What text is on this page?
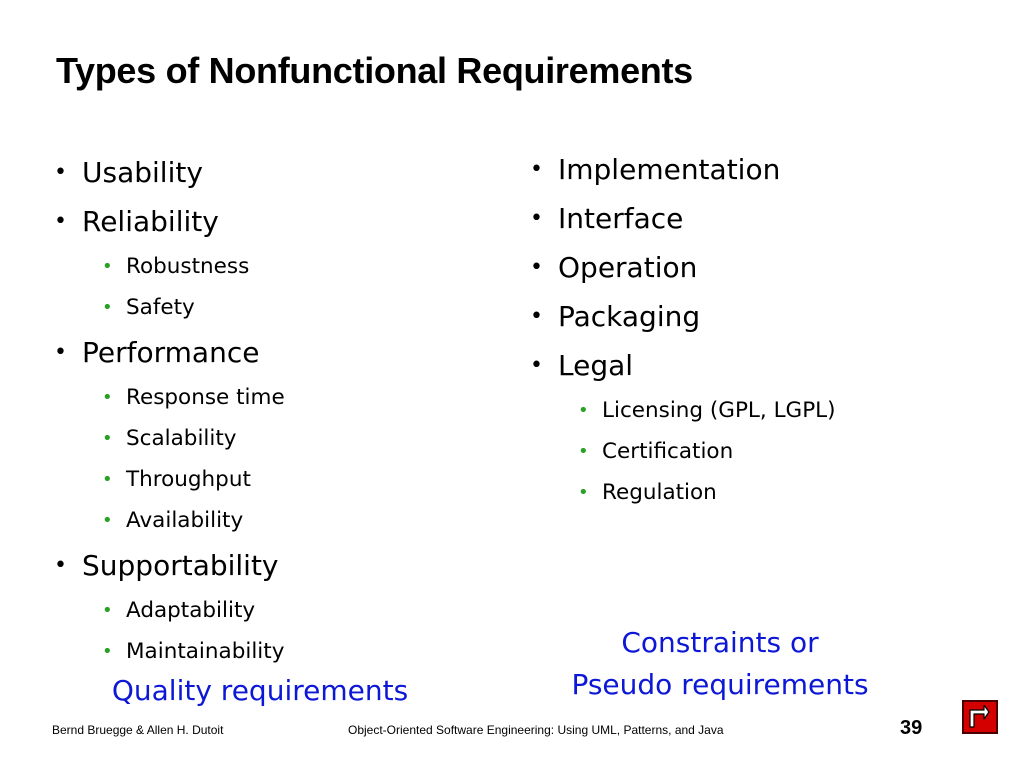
Types of Nonfunctional Requirements
• Usability
• Reliability
• Robustness
• Safety
• Performance
• Response time
• Scalability
• Throughput
• Availability
• Supportability
• Adaptability
• Maintainability
• Implementation
• Interface
• Operation
• Packaging
• Legal
• Licensing (GPL, LGPL)
• Certification
• Regulation
Quality requirements
Constraints or
Pseudo requirements
Bernd Bruegge & Allen H. Dutoit	Object-Oriented Software Engineering: Using UML, Patterns, and Java	39
